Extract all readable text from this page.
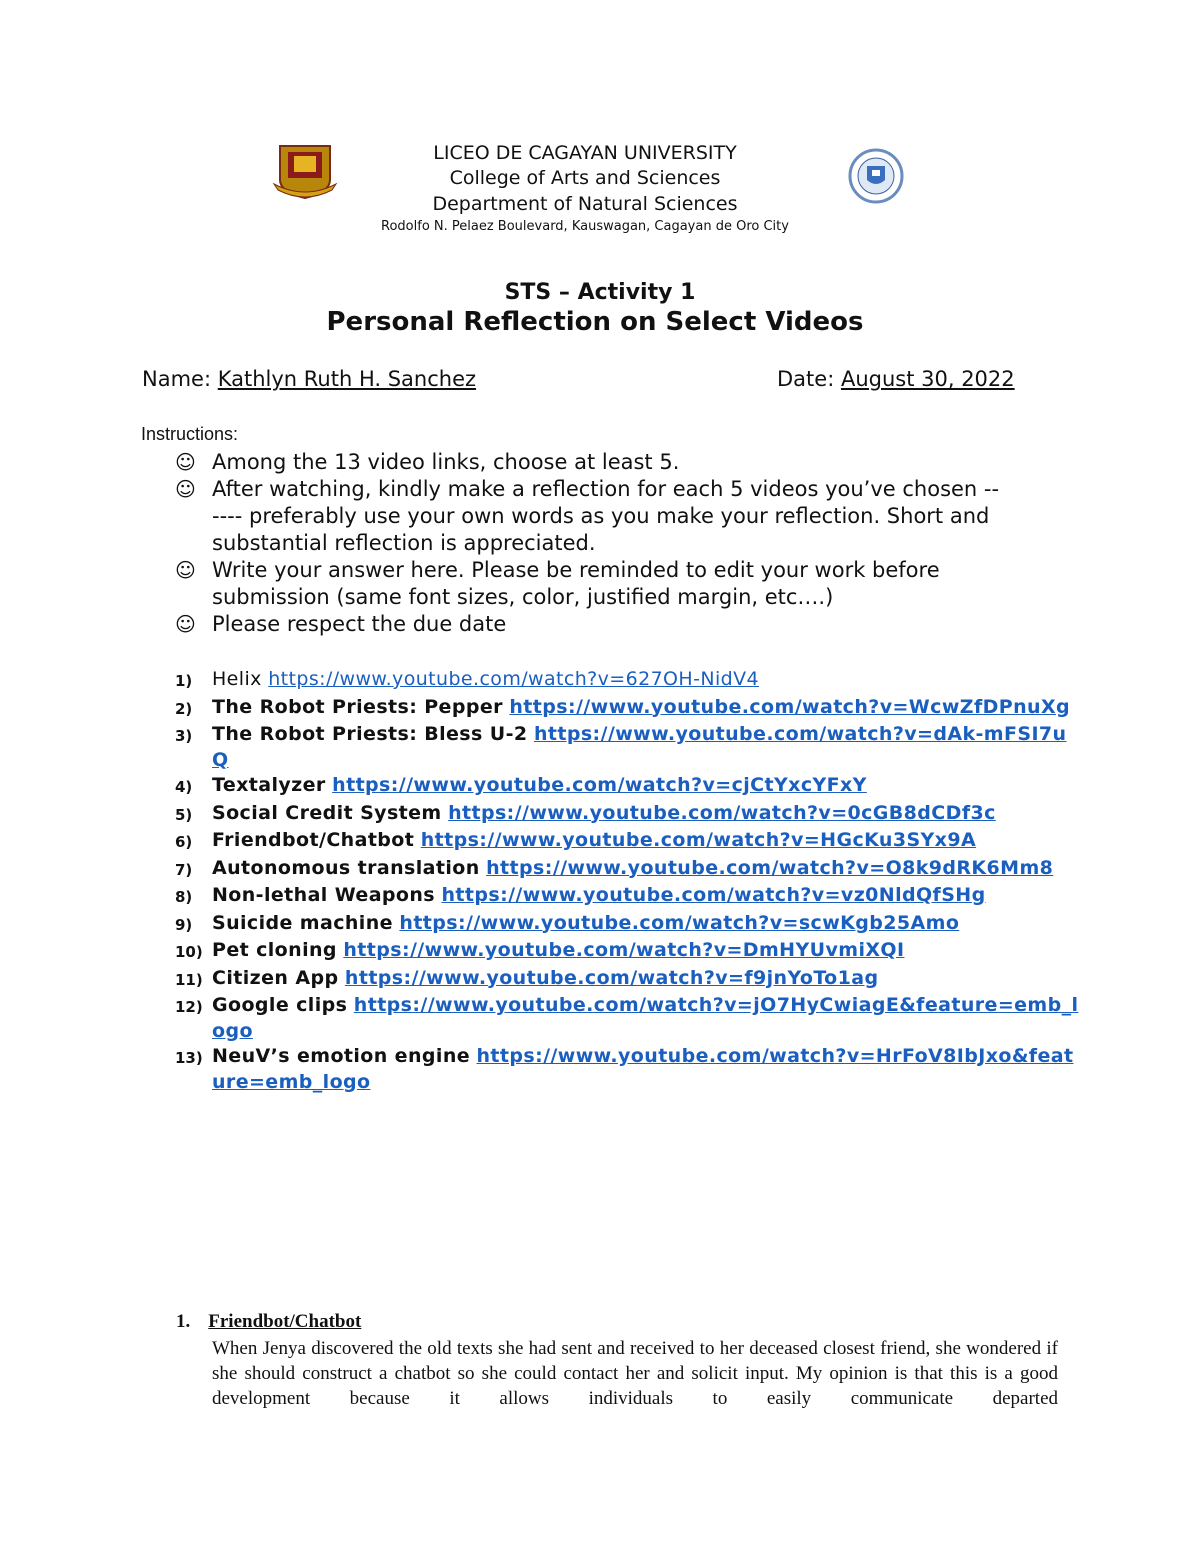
LICEO DE CAGAYAN UNIVERSITY
College of Arts and Sciences
Department of Natural Sciences
Rodolfo N. Pelaez Boulevard, Kauswagan, Cagayan de Oro City
STS – Activity 1
Personal Reflection on Select Videos
Name: Kathlyn Ruth H. Sanchez	Date: August 30, 2022
Instructions:
☺ Among the 13 video links, choose at least 5.
☺ After watching, kindly make a reflection for each 5 videos you’ve chosen ------ preferably use your own words as you make your reflection. Short and substantial reflection is appreciated.
☺ Write your answer here. Please be reminded to edit your work before submission (same font sizes, color, justified margin, etc….)
☺ Please respect the due date
1)	Helix https://www.youtube.com/watch?v=627OH-NidV4
2)	The Robot Priests: Pepper https://www.youtube.com/watch?v=WcwZfDPnuXg
3)	The Robot Priests: Bless U-2 https://www.youtube.com/watch?v=dAk-mFSI7uQ
4)	Textalyzer https://www.youtube.com/watch?v=cjCtYxcYFxY
5)	Social Credit System https://www.youtube.com/watch?v=0cGB8dCDf3c
6)	Friendbot/Chatbot https://www.youtube.com/watch?v=HGcKu3SYx9A
7)	Autonomous translation https://www.youtube.com/watch?v=O8k9dRK6Mm8
8)	Non-lethal Weapons https://www.youtube.com/watch?v=vz0NldQfSHg
9)	Suicide machine https://www.youtube.com/watch?v=scwKgb25Amo
10) Pet cloning https://www.youtube.com/watch?v=DmHYUvmiXQI
11) Citizen App https://www.youtube.com/watch?v=f9jnYoTo1ag
12) Google clips https://www.youtube.com/watch?v=jO7HyCwiagE&feature=emb_logo
13) NeuV’s emotion engine https://www.youtube.com/watch?v=HrFoV8IbJxo&feature=emb_logo
1. Friendbot/Chatbot
When Jenya discovered the old texts she had sent and received to her deceased closest friend, she wondered if she should construct a chatbot so she could contact her and solicit input. My opinion is that this is a good development because it allows individuals to easily communicate departed
